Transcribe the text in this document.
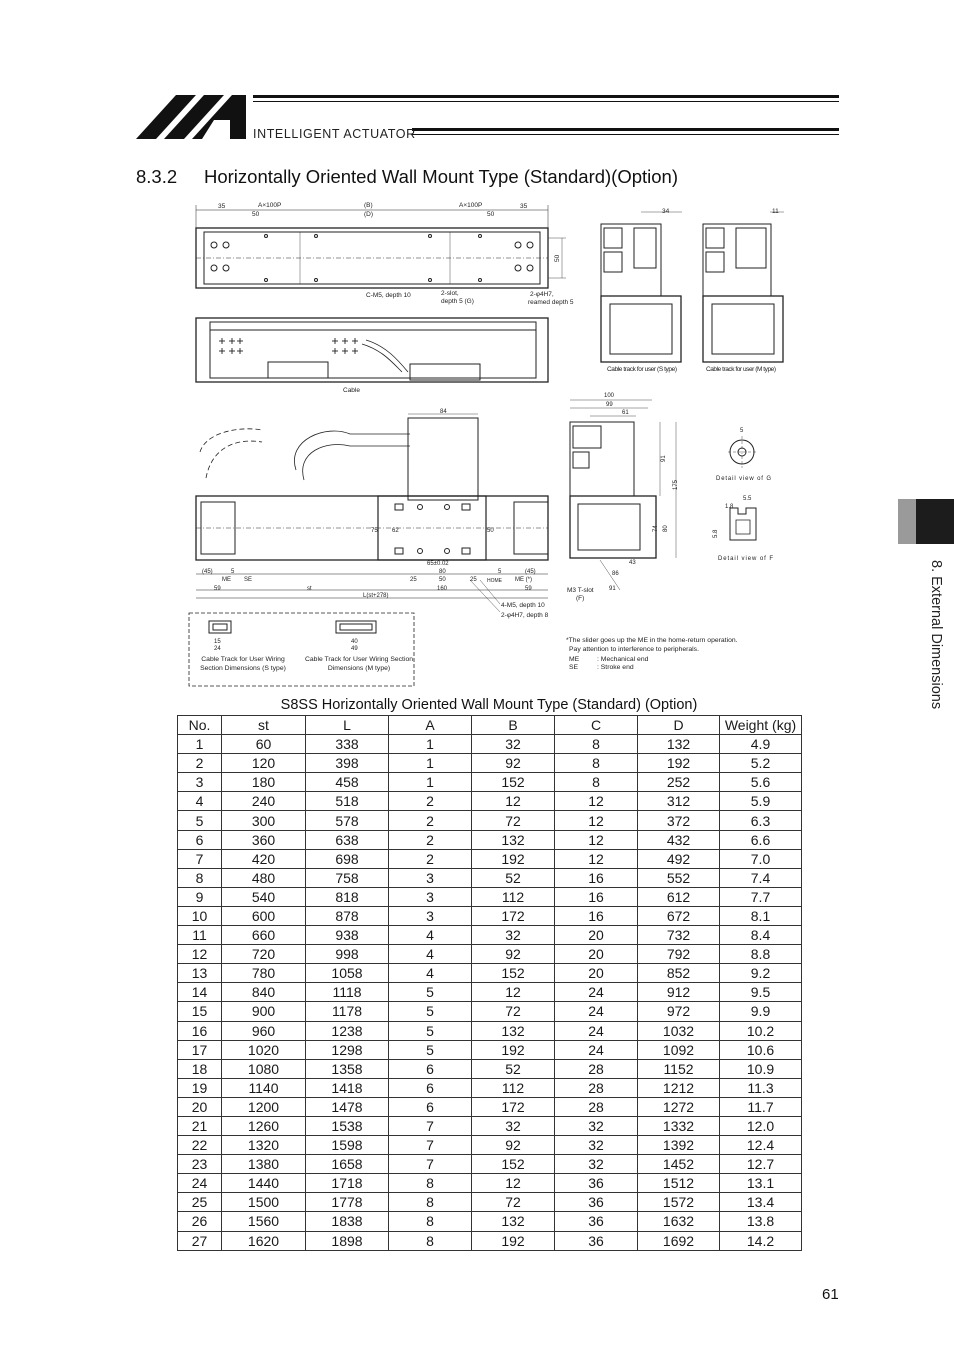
INTELLIGENT ACTUATOR
8.3.2 Horizontally Oriented Wall Mount Type (Standard)(Option)
35	A×100P
50
(B)
(D)
A×100P
50
35
50
C-M5, depth 10	2-slot,
depth 5 (G)
2-φ4H7,
reamed depth 5
Cable
34	11
Cable track for user (S type)	Cable track for user (M type)
84
75	50
62
(45)	5
ME SE
59	st
65±0.02
80
50
25	25
5
HOME ME (*)
(45)
59
160
L(st+278)
4-M5, depth 10
2-φ4H7, depth 8
100
99
61
91
175
74 80
43
86
91
M3 T-slot
(F)
5
Detail view of G
1.8
5.5
5.8
Detail view of F
15
24
40
49
Cable Track for User Wiring Section Dimensions (S type)
Cable Track for User Wiring Section Dimensions (M type)
*The slider goes up the ME in the home-return operation.
Pay attention to interference to peripherals.
ME	: Mechanical end
SE	: Stroke end
S8SS Horizontally Oriented Wall Mount Type (Standard) (Option)
No.	st	L	A	B	C	D	Weight (kg)
1	60	338	1	32	8	132	4.9
2	120	398	1	92	8	192	5.2
3	180	458	1	152	8	252	5.6
4	240	518	2	12	12	312	5.9
5	300	578	2	72	12	372	6.3
6	360	638	2	132	12	432	6.6
7	420	698	2	192	12	492	7.0
8	480	758	3	52	16	552	7.4
9	540	818	3	112	16	612	7.7
10	600	878	3	172	16	672	8.1
11	660	938	4	32	20	732	8.4
12	720	998	4	92	20	792	8.8
13	780	1058	4	152	20	852	9.2
14	840	1118	5	12	24	912	9.5
15	900	1178	5	72	24	972	9.9
16	960	1238	5	132	24	1032	10.2
17	1020	1298	5	192	24	1092	10.6
18	1080	1358	6	52	28	1152	10.9
19	1140	1418	6	112	28	1212	11.3
20	1200	1478	6	172	28	1272	11.7
21	1260	1538	7	32	32	1332	12.0
22	1320	1598	7	92	32	1392	12.4
23	1380	1658	7	152	32	1452	12.7
24	1440	1718	8	12	36	1512	13.1
25	1500	1778	8	72	36	1572	13.4
26	1560	1838	8	132	36	1632	13.8
27	1620	1898	8	192	36	1692	14.2
8. External Dimensions
61
